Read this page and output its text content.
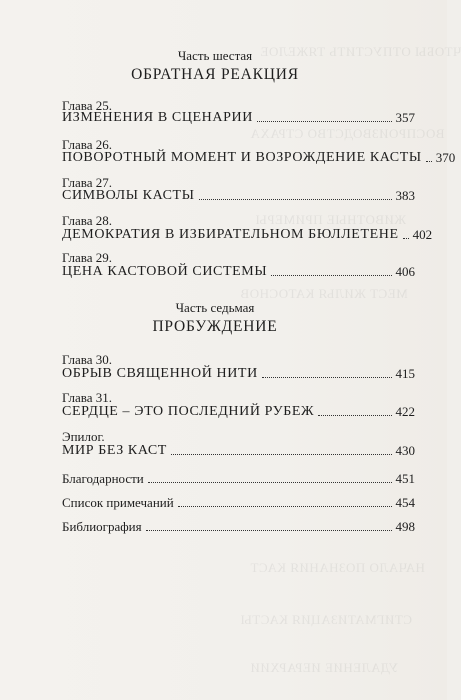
ЧТОБЫ ОТПУСТИТЬ ТЯЖЕЛОЕ
ВОСПРОИЗВОДСТВО СТРАХА
ЖИВОТНЫЕ ПРИМЕРЫ
МЕСТ ЖИЛЬЯ КАТОСНОВ
НАЧАЛО ПОЗНАНИЯ КАСТ
СТИГМАТИЗАЦИЯ КАСТЫ
УДАЛЕНИЕ ИЕРАРХИИ
Часть шестая
ОБРАТНАЯ РЕАКЦИЯ
Глава 25.
ИЗМЕНЕНИЯ В СЦЕНАРИИ	357
Глава 26.
ПОВОРОТНЫЙ МОМЕНТ И ВОЗРОЖДЕНИЕ КАСТЫ 370
Глава 27.
СИМВОЛЫ КАСТЫ	383
Глава 28.
ДЕМОКРАТИЯ В ИЗБИРАТЕЛЬНОМ БЮЛЛЕТЕНЕ 402
Глава 29.
ЦЕНА КАСТОВОЙ СИСТЕМЫ	406
Часть седьмая
ПРОБУЖДЕНИЕ
Глава 30.
ОБРЫВ СВЯЩЕННОЙ НИТИ	415
Глава 31.
СЕРДЦЕ – ЭТО ПОСЛЕДНИЙ РУБЕЖ	422
Эпилог.
МИР БЕЗ КАСТ	430
Благодарности	451
Список примечаний	454
Библиография	498
